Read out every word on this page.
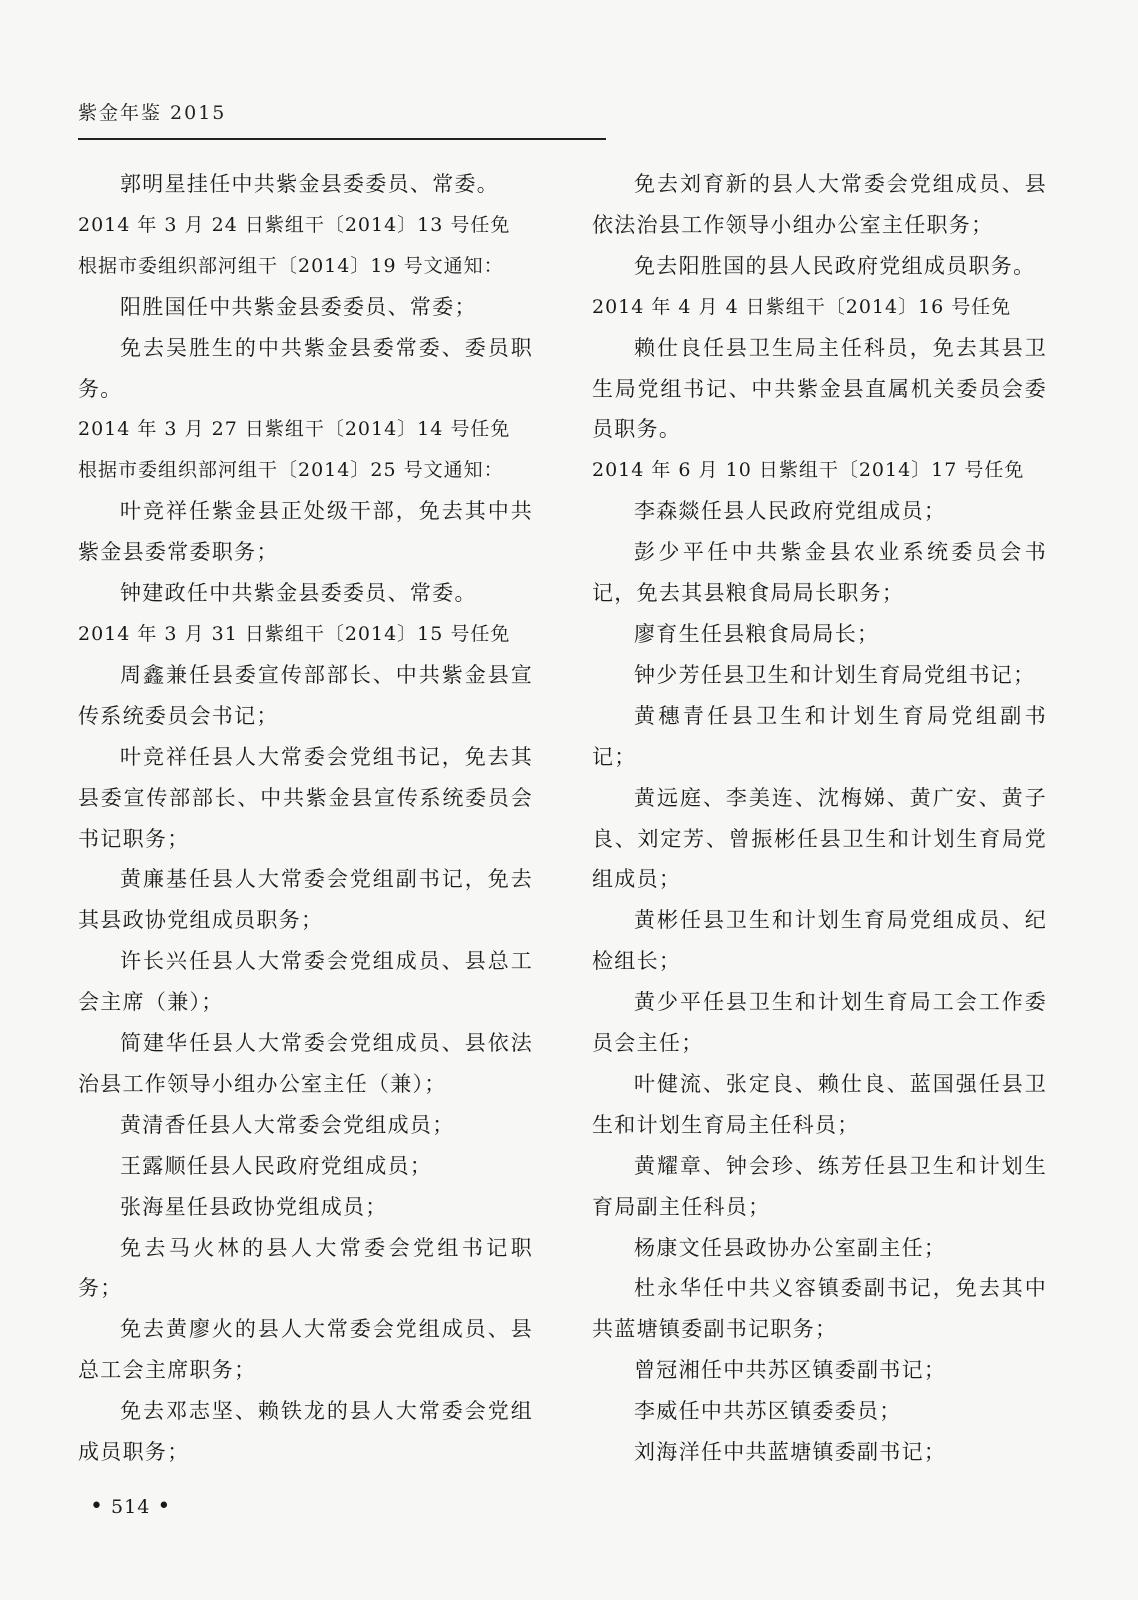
紫金年鉴 2015

郭明星挂任中共紫金县委委员、常委。

2014 年 3 月 24 日紫组干〔2014〕13 号任免

根据市委组织部河组干〔2014〕19 号文通知：

阳胜国任中共紫金县委委员、常委；

免去吴胜生的中共紫金县委常委、委员职务。

2014 年 3 月 27 日紫组干〔2014〕14 号任免

根据市委组织部河组干〔2014〕25 号文通知：

叶竞祥任紫金县正处级干部，免去其中共紫金县委常委职务；

钟建政任中共紫金县委委员、常委。

2014 年 3 月 31 日紫组干〔2014〕15 号任免

周鑫兼任县委宣传部部长、中共紫金县宣传系统委员会书记；

叶竞祥任县人大常委会党组书记，免去其县委宣传部部长、中共紫金县宣传系统委员会书记职务；

黄廉基任县人大常委会党组副书记，免去其县政协党组成员职务；

许长兴任县人大常委会党组成员、县总工会主席（兼）；

简建华任县人大常委会党组成员、县依法治县工作领导小组办公室主任（兼）；

黄清香任县人大常委会党组成员；

王露顺任县人民政府党组成员；

张海星任县政协党组成员；

免去马火林的县人大常委会党组书记职务；

免去黄廖火的县人大常委会党组成员、县总工会主席职务；

免去邓志坚、赖铁龙的县人大常委会党组成员职务；

免去刘育新的县人大常委会党组成员、县依法治县工作领导小组办公室主任职务；

免去阳胜国的县人民政府党组成员职务。

2014 年 4 月 4 日紫组干〔2014〕16 号任免

赖仕良任县卫生局主任科员，免去其县卫生局党组书记、中共紫金县直属机关委员会委员职务。

2014 年 6 月 10 日紫组干〔2014〕17 号任免

李森燚任县人民政府党组成员；

彭少平任中共紫金县农业系统委员会书记，免去其县粮食局局长职务；

廖育生任县粮食局局长；

钟少芳任县卫生和计划生育局党组书记；

黄穗青任县卫生和计划生育局党组副书记；

黄远庭、李美连、沈梅娣、黄广安、黄子良、刘定芳、曾振彬任县卫生和计划生育局党组成员；

黄彬任县卫生和计划生育局党组成员、纪检组长；

黄少平任县卫生和计划生育局工会工作委员会主任；

叶健流、张定良、赖仕良、蓝国强任县卫生和计划生育局主任科员；

黄耀章、钟会珍、练芳任县卫生和计划生育局副主任科员；

杨康文任县政协办公室副主任；

杜永华任中共义容镇委副书记，免去其中共蓝塘镇委副书记职务；

曾冠湘任中共苏区镇委副书记；

李威任中共苏区镇委委员；

刘海洋任中共蓝塘镇委副书记；

• 514 •
